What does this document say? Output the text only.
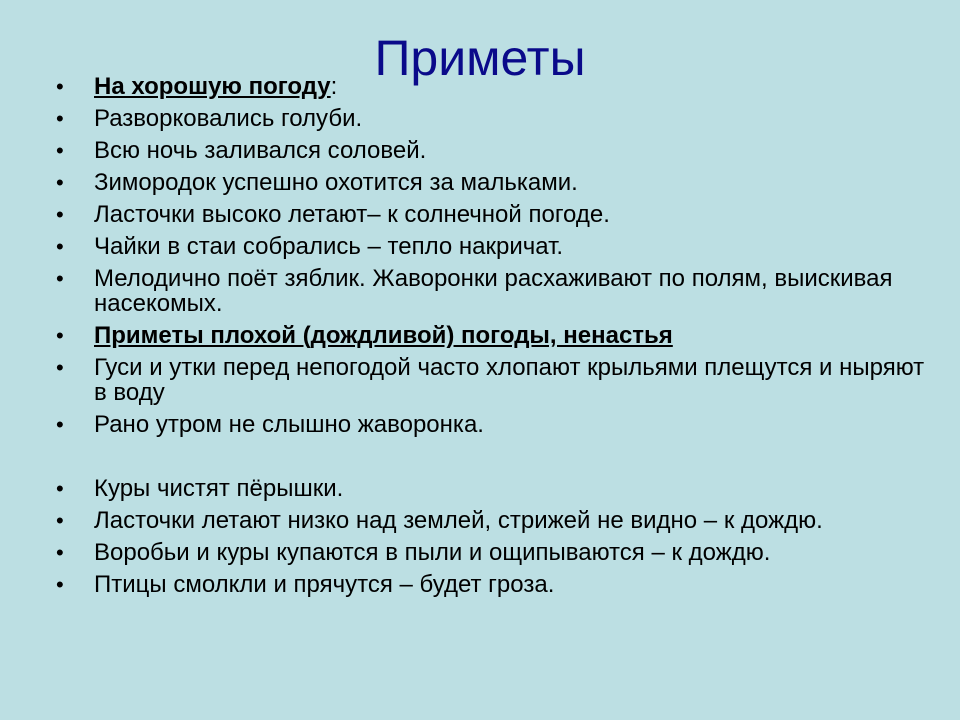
Приметы
• На хорошую погоду:
• Разворковались голуби.
• Всю ночь заливался соловей.
• Зимородок успешно охотится за мальками.
• Ласточки высоко летают– к солнечной погоде.
• Чайки в стаи собрались – тепло накричат.
• Мелодично поёт зяблик. Жаворонки расхаживают по полям, выискивая насекомых.
• Приметы плохой (дождливой) погоды, ненастья
• Гуси и утки перед непогодой часто хлопают крыльями плещутся и ныряют в воду
• Рано утром не слышно жаворонка.
• Куры чистят пёрышки.
• Ласточки летают низко над землей, стрижей не видно – к дождю.
• Воробьи и куры купаются в пыли и ощипываются – к дождю.
• Птицы смолкли и прячутся – будет гроза.
